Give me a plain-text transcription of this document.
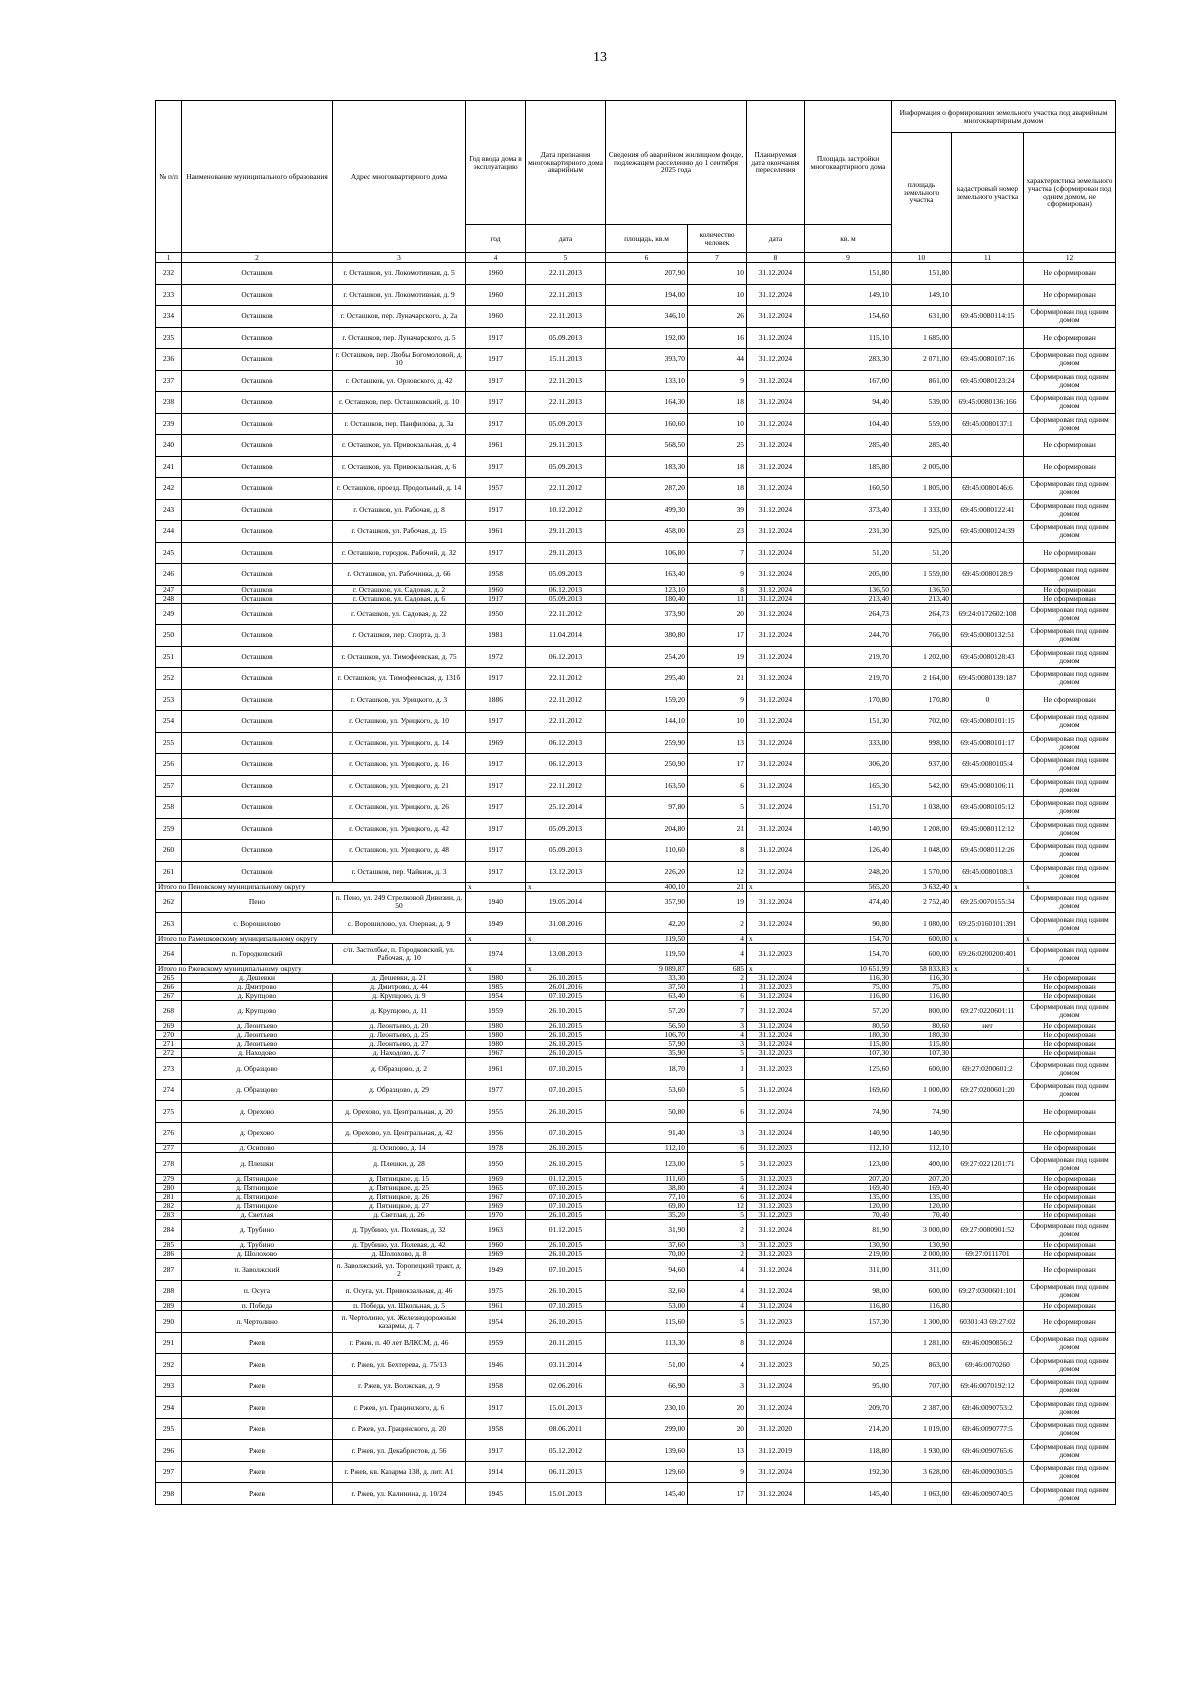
13
№ п/п	Наименование муниципального образования	Адрес многоквартирного дома	Год ввода дома в эксплуатацию	Дата признания многоквартирного дома аварийным	Сведения об аварийном жилищном фонде, подлежащем расселению до 1 сентября 2025 года		Планируемая дата окончания переселения	Площадь застройки многоквартирного дома	Информация о формировании земельного участка под аварийным многоквартирным домом		
									площадь земельного участка	кадастровый номер земельного участка	характеристика земельного участка (сформирован под одним домом, не сформирован)
			год	дата	площадь, кв.м	количество человек	дата	кв. м			
1	2	3	4	5	6	7	8	9	10	11	12
232	Осташков	г. Осташков, ул. Локомотивная, д. 5	1960	22.11.2013	207,90	10	31.12.2024	151,80	151,80		Не сформирован
233	Осташков	г. Осташков, ул. Локомотивная, д. 9	1960	22.11.2013	194,00	10	31.12.2024	149,10	149,10		Не сформирован
234	Осташков	г. Осташков, пер. Луначарского, д. 2а	1960	22.11.2013	346,10	26	31.12.2024	154,60	631,00	69:45:0080114:15	Сформирован под одним домом
235	Осташков	г. Осташков, пер. Луначарского, д. 5	1917	05.09.2013	192,00	16	31.12.2024	115,10	1 685,00		Не сформирован
236	Осташков	г. Осташков, пер. Любы Богомоловой, д. 10	1917	15.11.2013	393,70	44	31.12.2024	283,30	2 071,00	69:45:0080107:16	Сформирован под одним домом
237	Осташков	г. Осташков, ул. Орловского, д. 42	1917	22.11.2013	133,10	9	31.12.2024	167,00	861,00	69:45:0080123:24	Сформирован под одним домом
238	Осташков	г. Осташков, пер. Осташковский, д. 10	1917	22.11.2013	164,30	18	31.12.2024	94,40	539,00	69:45:0080136:166	Сформирован под одним домом
239	Осташков	г. Осташков, пер. Панфилова, д. 3а	1917	05.09.2013	160,60	10	31.12.2024	104,40	559,00	69:45:0080137:1	Сформирован под одним домом
240	Осташков	г. Осташков, ул. Привокзальная, д. 4	1961	29.11.2013	568,50	25	31.12.2024	285,40	285,40		Не сформирован
241	Осташков	г. Осташков, ул. Привокзальная, д. 6	1917	05.09.2013	183,30	18	31.12.2024	185,80	2 005,00		Не сформирован
242	Осташков	г. Осташков, проезд. Продольный, д. 14	1957	22.11.2012	287,20	18	31.12.2024	160,50	1 805,00	69:45:0080146:6	Сформирован под одним домом
243	Осташков	г. Осташков, ул. Рабочая, д. 8	1917	10.12.2012	499,30	39	31.12.2024	373,40	1 333,00	69:45:0080122:41	Сформирован под одним домом
244	Осташков	г. Осташков, ул. Рабочая, д. 15	1961	29.11.2013	458,00	23	31.12.2024	231,30	925,00	69:45:0080124:39	Сформирован под одним домом
245	Осташков	г. Осташков, городок. Рабочий, д. 32	1917	29.11.2013	106,80	7	31.12.2024	51,20	51,20		Не сформирован
246	Осташков	г. Осташков, ул. Рабочинка, д. 66	1958	05.09.2013	163,40	9	31.12.2024	205,00	1 559,00	69:45:0080128:9	Сформирован под одним домом
247	Осташков	г. Осташков, ул. Садовая, д. 2	1960	06.12.2013	123,10	8	31.12.2024	136,50	136,50		Не сформирован
248	Осташков	г. Осташков, ул. Садовая, д. 6	1917	05.09.2013	180,40	11	31.12.2024	213,40	213,40		Не сформирован
249	Осташков	г. Осташков, ул. Садовая, д. 22	1950	22.11.2012	373,90	20	31.12.2024	264,73	264,73	69:24:0172602:108	Сформирован под одним домом
250	Осташков	г. Осташков, пер. Спорта, д. 3	1981	11.04.2014	380,80	17	31.12.2024	244,70	766,00	69:45:0080132:51	Сформирован под одним домом
251	Осташков	г. Осташков, ул. Тимофеевская, д. 75	1972	06.12.2013	254,20	19	31.12.2024	219,70	1 202,00	69:45:0080128:43	Сформирован под одним домом
252	Осташков	г. Осташков, ул. Тимофеевская, д. 131б	1917	22.11.2012	295,40	21	31.12.2024	219,70	2 164,00	69:45:0080139:187	Сформирован под одним домом
253	Осташков	г. Осташков, ул. Урицкого, д. 3	1886	22.11.2012	159,20	9	31.12.2024	170,80	170,80	0	Не сформирован
254	Осташков	г. Осташков, ул. Урицкого, д. 10	1917	22.11.2012	144,10	10	31.12.2024	151,30	702,00	69:45:0080101:15	Сформирован под одним домом
255	Осташков	г. Осташков, ул. Урицкого, д. 14	1969	06.12.2013	259,90	13	31.12.2024	333,00	998,00	69:45:0080101:17	Сформирован под одним домом
256	Осташков	г. Осташков, ул. Урицкого, д. 16	1917	06.12.2013	250,90	17	31.12.2024	306,20	937,00	69:45:0080105:4	Сформирован под одним домом
257	Осташков	г. Осташков, ул. Урицкого, д. 21	1917	22.11.2012	163,50	6	31.12.2024	165,30	542,00	69:45:0080106:11	Сформирован под одним домом
258	Осташков	г. Осташков, ул. Урицкого, д. 26	1917	25.12.2014	97,80	5	31.12.2024	151,70	1 038,00	69:45:0080105:12	Сформирован под одним домом
259	Осташков	г. Осташков, ул. Урицкого, д. 42	1917	05.09.2013	204,80	21	31.12.2024	140,90	1 208,00	69:45:0080112:12	Сформирован под одним домом
260	Осташков	г. Осташков, ул. Урицкого, д. 48	1917	05.09.2013	110,60	8	31.12.2024	126,40	1 048,00	69:45:0080112:26	Сформирован под одним домом
261	Осташков	г. Осташков, пер. Чайкиж, д. 3	1917	13.12.2013	226,20	12	31.12.2024	248,20	1 570,00	69:45:0080108:3	Сформирован под одним домом
Итого по Пеновскому муниципальному округу			x	x	400,10	21	x	565,20	3 632,40	x	x
262	Пено	п. Пено, ул. 249 Стрелковой Дивизии, д. 50	1940	19.05.2014	357,90	19	31.12.2024	474,40	2 752,40	69:25:0070155:34	Сформирован под одним домом
263	с. Ворошилово	с. Ворошилово, ул. Озерная, д. 9	1949	31.08.2016	42,20	2	31.12.2024	90,80	1 080,00	69:25:0160101:391	Сформирован под одним домом
Итого по Рамешковскому муниципальному округу			x	x	119,50	4	x	154,70	600,00	x	x
264	п. Городковский	с/п. Застолбье, п. Городковский, ул. Рабочая, д. 10	1974	13.08.2013	119,50	4	31.12.2023	154,70	600,00	69:26:0200200:401	Сформирован под одним домом
Итого по Ржевскому муниципальному округу			x	x	9 089,87	685	x	10 651,99	58 833,83	x	x
265	д. Дешевки	д. Дешевки, д. 21	1980	26.10.2015	33,30	2	31.12.2024	116,30	116,30		Не сформирован
266	д. Дмитрово	д. Дмитрово, д. 44	1985	26.01.2016	37,50	1	31.12.2023	75,00	75,00		Не сформирован
267	д. Крупцово	д. Крупцово, д. 9	1954	07.10.2015	63,40	6	31.12.2024	116,80	116,80		Не сформирован
268	д. Крупцово	д. Крупцово, д. 11	1959	26.10.2015	57,20	7	31.12.2024	57,20	800,00	69:27:0220601:11	Сформирован под одним домом
269	д. Леонтьево	д. Леонтьево, д. 20	1980	26.10.2015	56,50	3	31.12.2024	80,50	80,60	нет	Не сформирован
270	д. Леонтьево	д. Леонтьево, д. 25	1980	26.10.2015	106,70	4	31.12.2024	180,30	180,30		Не сформирован
271	д. Леонтьево	д. Леонтьево, д. 27	1980	26.10.2015	57,90	3	31.12.2024	115,80	115,80		Не сформирован
272	д. Находово	д. Находово, д. 7	1967	26.10.2015	35,90	5	31.12.2023	107,30	107,30		Не сформирован
273	д. Образцово	д. Образцово, д. 2	1961	07.10.2015	18,70	1	31.12.2023	125,60	600,00	69:27:0200601:2	Сформирован под одним домом
274	д. Образцово	д. Образцово, д. 29	1977	07.10.2015	53,60	5	31.12.2024	169,60	1 000,00	69:27:0200601:20	Сформирован под одним домом
275	д. Орехово	д. Орехово, ул. Центральная, д. 20	1955	26.10.2015	50,80	6	31.12.2024	74,90	74,90		Не сформирован
276	д. Орехово	д. Орехово, ул. Центральная, д. 42	1956	07.10.2015	91,40	3	31.12.2024	140,90	140,90		Не сформирован
277	д. Осипово	д. Осипово, д. 14	1978	26.10.2015	112,10	6	31.12.2023	112,10	112,10		Не сформирован
278	д. Плешки	д. Плешки, д. 28	1950	26.10.2015	123,00	5	31.12.2023	123,00	400,00	69:27:0221201:71	Сформирован под одним домом
279	д. Пятницкое	д. Пятницкое, д. 15	1969	01.12.2015	111,60	5	31.12.2023	207,20	207,20		Не сформирован
280	д. Пятницкое	д. Пятницкое, д. 25	1965	07.10.2015	38,80	4	31.12.2024	169,40	169,40		Не сформирован
281	д. Пятницкое	д. Пятницкое, д. 26	1967	07.10.2015	77,10	6	31.12.2024	135,00	135,00		Не сформирован
282	д. Пятницкое	д. Пятницкое, д. 27	1969	07.10.2015	69,80	12	31.12.2023	120,00	120,00		Не сформирован
283	д. Светлая	д. Светлая, д. 26	1970	26.10.2015	35,20	5	31.12.2023	70,40	70,40		Не сформирован
284	д. Трубино	д. Трубино, ул. Полевая, д. 32	1963	01.12.2015	31,90	2	31.12.2024	81,90	3 000,00	69:27:0080901:52	Сформирован под одним домом
285	д. Трубино	д. Трубино, ул. Полевая, д. 42	1960	26.10.2015	37,60	3	31.12.2023	130,90	130,90		Не сформирован
286	д. Шолохово	д. Шолохово, д. 8	1969	26.10.2015	70,00	2	31.12.2023	219,00	2 000,00	69:27:0111701	Не сформирован
287	п. Заволжский	п. Заволжский, ул. Торопецкий тракт, д. 2	1949	07.10.2015	94,60	4	31.12.2024	311,00	311,00		Не сформирован
288	п. Осуга	п. Осуга, ул. Привокзальная, д. 46	1975	26.10.2015	32,60	4	31.12.2024	98,00	600,00	69:27:0300601:101	Сформирован под одним домом
289	п. Победа	п. Победа, ул. Школьная, д. 5	1961	07.10.2015	53,00	4	31.12.2024	116,80	116,80		Не сформирован
290	п. Чертолино	п. Чертолино, ул. Железнодорожные казармы, д. 7	1954	26.10.2015	115,60	5	31.12.2023	157,30	1 300,00	60301:43 69:27:02	Не сформирован
291	Ржев	г. Ржев, п. 40 лет ВЛКСМ, д. 46	1959	20.11.2015	113,30	8	31.12.2024		1 281,00	69:46:0090856:2	Сформирован под одним домом
292	Ржев	г. Ржев, ул. Бехтерева, д. 75/13	1946	03.11.2014	51,00	4	31.12.2023	50,25	863,00	69:46:0070260	Сформирован под одним домом
293	Ржев	г. Ржев, ул. Волжская, д. 9	1958	02.06.2016	66,90	3	31.12.2024	95,00	707,00	69:46:0070192:12	Сформирован под одним домом
294	Ржев	г. Ржев, ул. Грацинского, д. 6	1917	15.01.2013	230,10	20	31.12.2024	209,70	2 387,00	69:46:0090753:2	Сформирован под одним домом
295	Ржев	г. Ржев, ул. Грацинского, д. 20	1958	08.06.2011	299,00	20	31.12.2020	214,20	1 019,00	69:46:0090777:5	Сформирован под одним домом
296	Ржев	г. Ржев, ул. Декабристов, д. 56	1917	05.12.2012	139,60	13	31.12.2019	118,80	1 930,00	69:46:0090765:6	Сформирован под одним домом
297	Ржев	г. Ржев, кв. Казарма 138, д. лит. А1	1914	06.11.2013	129,60	9	31.12.2024	192,30	3 628,00	69:46:0090305:5	Сформирован под одним домом
298	Ржев	г. Ржев, ул. Калинина, д. 10/24	1945	15.01.2013	145,40	17	31.12.2024	145,40	1 063,00	69:46:0090740:5	Сформирован под одним домом
